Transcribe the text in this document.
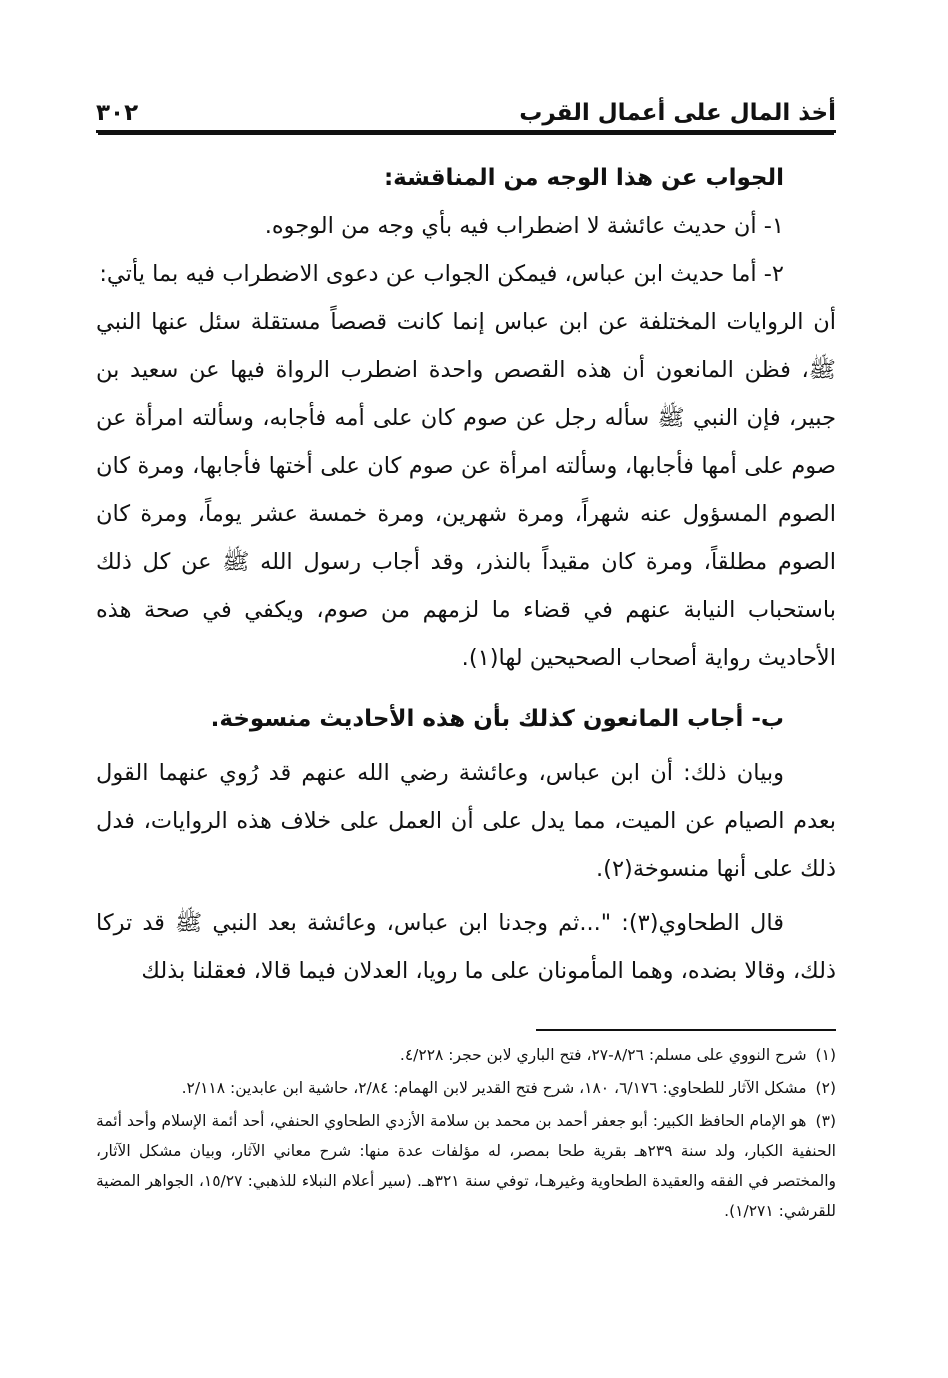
أخذ المال على أعمال القرب
٣٠٢

الجواب عن هذا الوجه من المناقشة:

١- أن حديث عائشة لا اضطراب فيه بأي وجه من الوجوه.

٢- أما حديث ابن عباس، فيمكن الجواب عن دعوى الاضطراب فيه بما يأتي:

أن الروايات المختلفة عن ابن عباس إنما كانت قصصاً مستقلة سئل عنها النبي ﷺ، فظن المانعون أن هذه القصص واحدة اضطرب الرواة فيها عن سعيد بن جبير، فإن النبي ﷺ سأله رجل عن صوم كان على أمه فأجابه، وسألته امرأة عن صوم على أمها فأجابها، وسألته امرأة عن صوم كان على أختها فأجابها، ومرة كان الصوم المسؤول عنه شهراً، ومرة شهرين، ومرة خمسة عشر يوماً، ومرة كان الصوم مطلقاً، ومرة كان مقيداً بالنذر، وقد أجاب رسول الله ﷺ عن كل ذلك باستحباب النيابة عنهم في قضاء ما لزمهم من صوم، ويكفي في صحة هذه الأحاديث رواية أصحاب الصحيحين لها(١).

ب- أجاب المانعون كذلك بأن هذه الأحاديث منسوخة.

وبيان ذلك: أن ابن عباس، وعائشة رضي الله عنهم قد رُوي عنهما القول بعدم الصيام عن الميت، مما يدل على أن العمل على خلاف هذه الروايات، فدل ذلك على أنها منسوخة(٢).

قال الطحاوي(٣): "...ثم وجدنا ابن عباس، وعائشة بعد النبي ﷺ قد تركا ذلك، وقالا بضده، وهما المأمونان على ما رويا، العدلان فيما قالا، فعقلنا بذلك

(١) شرح النووي على مسلم: ٨/٢٦-٢٧، فتح الباري لابن حجر: ٤/٢٢٨.

(٢) مشكل الآثار للطحاوي: ٦/١٧٦، ١٨٠، شرح فتح القدير لابن الهمام: ٢/٨٤، حاشية ابن عابدين: ٢/١١٨.

(٣) هو الإمام الحافظ الكبير: أبو جعفر أحمد بن محمد بن سلامة الأزدي الطحاوي الحنفي، أحد أئمة الإسلام وأحد أئمة الحنفية الكبار، ولد سنة ٢٣٩هـ بقرية طحا بمصر، له مؤلفات عدة منها: شرح معاني الآثار، وبيان مشكل الآثار، والمختصر في الفقه والعقيدة الطحاوية وغيرهـا، توفي سنة ٣٢١هـ. (سير أعلام النبلاء للذهبي: ١٥/٢٧، الجواهر المضية للقرشي: ١/٢٧١).
